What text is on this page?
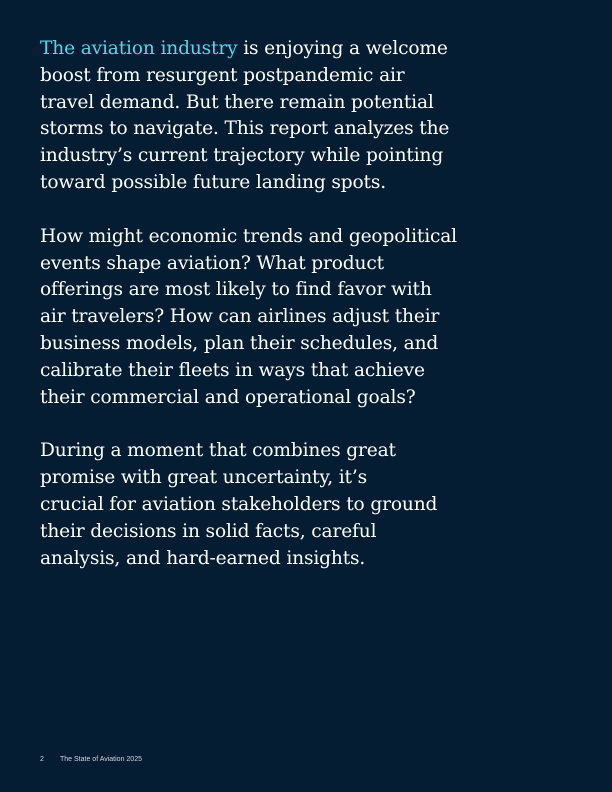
The aviation industry is enjoying a welcome
boost from resurgent postpandemic air
travel demand. But there remain potential
storms to navigate. This report analyzes the
industry’s current trajectory while pointing
toward possible future landing spots.

How might economic trends and geopolitical
events shape aviation? What product
offerings are most likely to find favor with
air travelers? How can airlines adjust their
business models, plan their schedules, and
calibrate their fleets in ways that achieve
their commercial and operational goals?

During a moment that combines great
promise with great uncertainty, it’s
crucial for aviation stakeholders to ground
their decisions in solid facts, careful
analysis, and hard-earned insights.

2 The State of Aviation 2025
